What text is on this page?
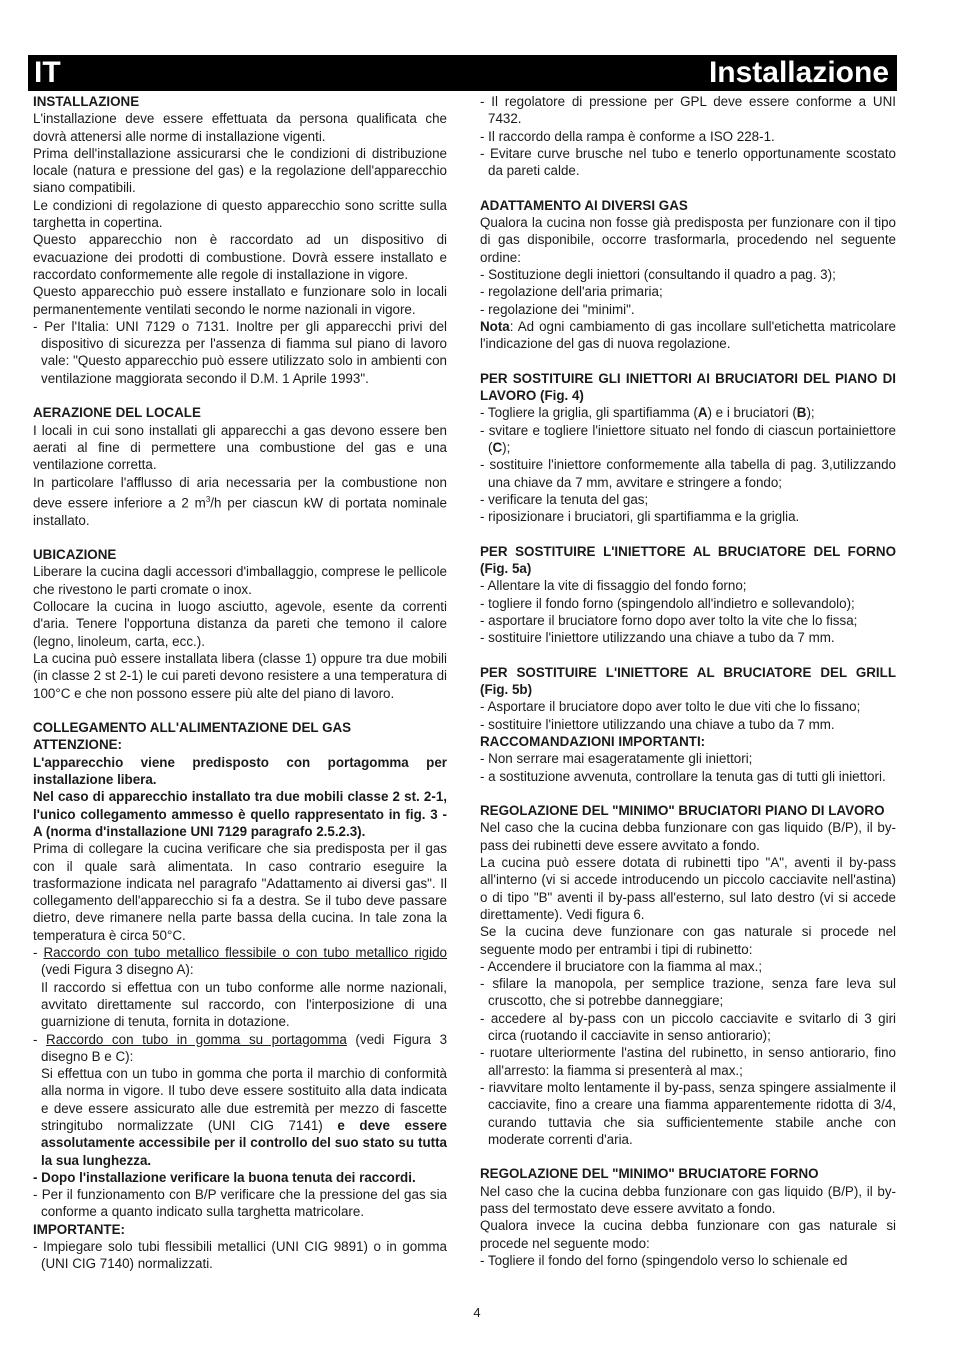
IT	Installazione

INSTALLAZIONE

L'installazione deve essere effettuata da persona qualificata che dovrà attenersi alle norme di installazione vigenti.

Prima dell'installazione assicurarsi che le condizioni di distribuzione locale (natura e pressione del gas) e la regolazione dell'apparecchio siano compatibili.

Le condizioni di regolazione di questo apparecchio sono scritte sulla targhetta in copertina.

Questo apparecchio non è raccordato ad un dispositivo di evacuazione dei prodotti di combustione. Dovrà essere installato e raccordato conformemente alle regole di installazione in vigore.

Questo apparecchio può essere installato e funzionare solo in locali permanentemente ventilati secondo le norme nazionali in vigore.

- Per l'Italia: UNI 7129 o 7131. Inoltre per gli apparecchi privi del dispositivo di sicurezza per l'assenza di fiamma sul piano di lavoro vale: "Questo apparecchio può essere utilizzato solo in ambienti con ventilazione maggiorata secondo il D.M. 1 Aprile 1993".

AERAZIONE DEL LOCALE

I locali in cui sono installati gli apparecchi a gas devono essere ben aerati al fine di permettere una combustione del gas e una ventilazione corretta.

In particolare l'afflusso di aria necessaria per la combustione non deve essere inferiore a 2 $m^3/h$ per ciascun kW di portata nominale installato.

UBICAZIONE

Liberare la cucina dagli accessori d'imballaggio, comprese le pellicole che rivestono le parti cromate o inox.

Collocare la cucina in luogo asciutto, agevole, esente da correnti d'aria. Tenere l'opportuna distanza da pareti che temono il calore (legno, linoleum, carta, ecc.).

La cucina può essere installata libera (classe 1) oppure tra due mobili (in classe 2 st 2-1) le cui pareti devono resistere a una temperatura di 100°C e che non possono essere più alte del piano di lavoro.

COLLEGAMENTO ALL'ALIMENTAZIONE DEL GAS

ATTENZIONE:

L'apparecchio viene predisposto con portagomma per installazione libera.

Nel caso di apparecchio installato tra due mobili classe 2 st. 2-1, l'unico collegamento ammesso è quello rappresentato in fig. 3 - A (norma d'installazione UNI 7129 paragrafo 2.5.2.3).

Prima di collegare la cucina verificare che sia predisposta per il gas con il quale sarà alimentata. In caso contrario eseguire la trasformazione indicata nel paragrafo "Adattamento ai diversi gas". Il collegamento dell'apparecchio si fa a destra. Se il tubo deve passare dietro, deve rimanere nella parte bassa della cucina. In tale zona la temperatura è circa 50°C.

- Raccordo con tubo metallico flessibile o con tubo metallico rigido (vedi Figura 3 disegno A):

Il raccordo si effettua con un tubo conforme alle norme nazionali, avvitato direttamente sul raccordo, con l'interposizione di una guarnizione di tenuta, fornita in dotazione.

- Raccordo con tubo in gomma su portagomma (vedi Figura 3 disegno B e C):

Si effettua con un tubo in gomma che porta il marchio di conformità alla norma in vigore. Il tubo deve essere sostituito alla data indicata e deve essere assicurato alle due estremità per mezzo di fascette stringitubo normalizzate (UNI CIG 7141) e deve essere assolutamente accessibile per il controllo del suo stato su tutta la sua lunghezza.

- Dopo l'installazione verificare la buona tenuta dei raccordi.

- Per il funzionamento con B/P verificare che la pressione del gas sia conforme a quanto indicato sulla targhetta matricolare.

IMPORTANTE:

- Impiegare solo tubi flessibili metallici (UNI CIG 9891) o in gomma (UNI CIG 7140) normalizzati.

- Il regolatore di pressione per GPL deve essere conforme a UNI 7432.

- Il raccordo della rampa è conforme a ISO 228-1.

- Evitare curve brusche nel tubo e tenerlo opportunamente scostato da pareti calde.

ADATTAMENTO AI DIVERSI GAS

Qualora la cucina non fosse già predisposta per funzionare con il tipo di gas disponibile, occorre trasformarla, procedendo nel seguente ordine:

- Sostituzione degli iniettori (consultando il quadro a pag. 3);

- regolazione dell'aria primaria;

- regolazione dei "minimi".

Nota: Ad ogni cambiamento di gas incollare sull'etichetta matricolare l'indicazione del gas di nuova regolazione.

PER SOSTITUIRE GLI INIETTORI AI BRUCIATORI DEL PIANO DI LAVORO (Fig. 4)

- Togliere la griglia, gli spartifiamma (A) e i bruciatori (B);

- svitare e togliere l'iniettore situato nel fondo di ciascun portainiettore (C);

- sostituire l'iniettore conformemente alla tabella di pag. 3,utilizzando una chiave da 7 mm, avvitare e stringere a fondo;

- verificare la tenuta del gas;

- riposizionare i bruciatori, gli spartifiamma e la griglia.

PER SOSTITUIRE L'INIETTORE AL BRUCIATORE DEL FORNO (Fig. 5a)

- Allentare la vite di fissaggio del fondo forno;

- togliere il fondo forno (spingendolo all'indietro e sollevandolo);

- asportare il bruciatore forno dopo aver tolto la vite che lo fissa;

- sostituire l'iniettore utilizzando una chiave a tubo da 7 mm.

PER SOSTITUIRE L'INIETTORE AL BRUCIATORE DEL GRILL (Fig. 5b)

- Asportare il bruciatore dopo aver tolto le due viti che lo fissano;

- sostituire l'iniettore utilizzando una chiave a tubo da 7 mm.

RACCOMANDAZIONI IMPORTANTI:

- Non serrare mai esageratamente gli iniettori;

- a sostituzione avvenuta, controllare la tenuta gas di tutti gli iniettori.

REGOLAZIONE DEL "MINIMO" BRUCIATORI PIANO DI LAVORO

Nel caso che la cucina debba funzionare con gas liquido (B/P), il by-pass dei rubinetti deve essere avvitato a fondo.

La cucina può essere dotata di rubinetti tipo "A", aventi il by-pass all'interno (vi si accede introducendo un piccolo cacciavite nell'astina) o di tipo "B" aventi il by-pass all'esterno, sul lato destro (vi si accede direttamente). Vedi figura 6.

Se la cucina deve funzionare con gas naturale si procede nel seguente modo per entrambi i tipi di rubinetto:

- Accendere il bruciatore con la fiamma al max.;

- sfilare la manopola, per semplice trazione, senza fare leva sul cruscotto, che si potrebbe danneggiare;

- accedere al by-pass con un piccolo cacciavite e svitarlo di 3 giri circa (ruotando il cacciavite in senso antiorario);

- ruotare ulteriormente l'astina del rubinetto, in senso antiorario, fino all'arresto: la fiamma si presenterà al max.;

- riavvitare molto lentamente il by-pass, senza spingere assialmente il cacciavite, fino a creare una fiamma apparentemente ridotta di 3/4, curando tuttavia che sia sufficientemente stabile anche con moderate correnti d'aria.

REGOLAZIONE DEL "MINIMO" BRUCIATORE FORNO

Nel caso che la cucina debba funzionare con gas liquido (B/P), il by-pass del termostato deve essere avvitato a fondo.

Qualora invece la cucina debba funzionare con gas naturale si procede nel seguente modo:

- Togliere il fondo del forno (spingendolo verso lo schienale ed

4
